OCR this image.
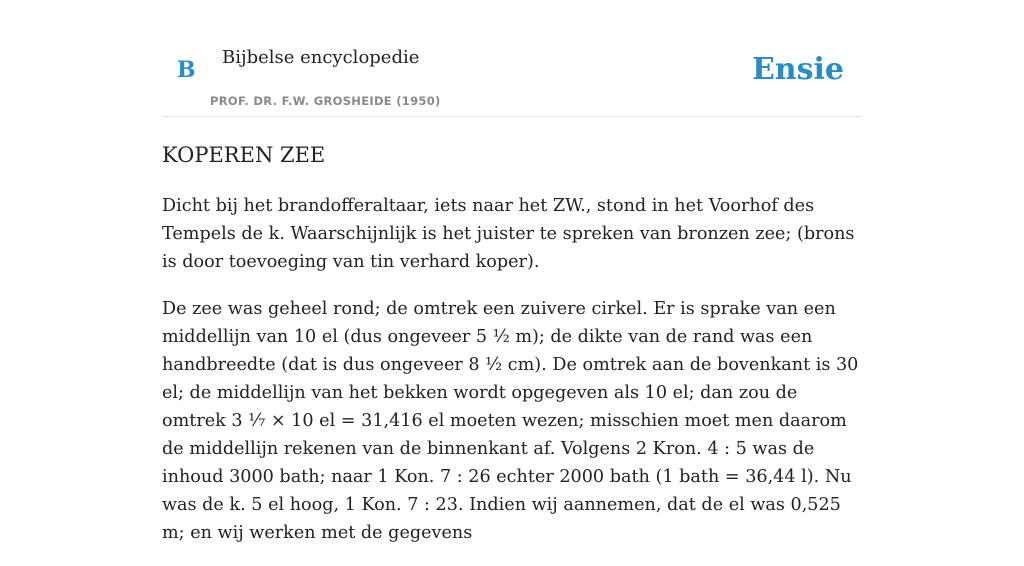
B Bijbelse encyclopedie
PROF. DR. F.W. GROSHEIDE (1950)
Ensie
KOPEREN ZEE

Dicht bij het brandofferaltaar, iets naar het ZW., stond in het Voorhof des Tempels de k. Waarschijnlijk is het juister te spreken van bronzen zee; (brons is door toevoeging van tin verhard koper).

De zee was geheel rond; de omtrek een zuivere cirkel. Er is sprake van een middellijn van 10 el (dus ongeveer 5 ¹⁄₂ m); de dikte van de rand was een handbreedte (dat is dus ongeveer 8 ¹⁄₂ cm). De omtrek aan de bovenkant is 30 el; de middellijn van het bekken wordt opgegeven als 10 el; dan zou de omtrek 3 ¹⁄₇ × 10 el = 31,416 el moeten wezen; misschien moet men daarom de middellijn rekenen van de binnenkant af. Volgens 2 Kron. 4 : 5 was de inhoud 3000 bath; naar 1 Kon. 7 : 26 echter 2000 bath (1 bath = 36,44 l). Nu was de k. 5 el hoog, 1 Kon. 7 : 23. Indien wij aannemen, dat de el was 0,525 m; en wij werken met de gegevens
